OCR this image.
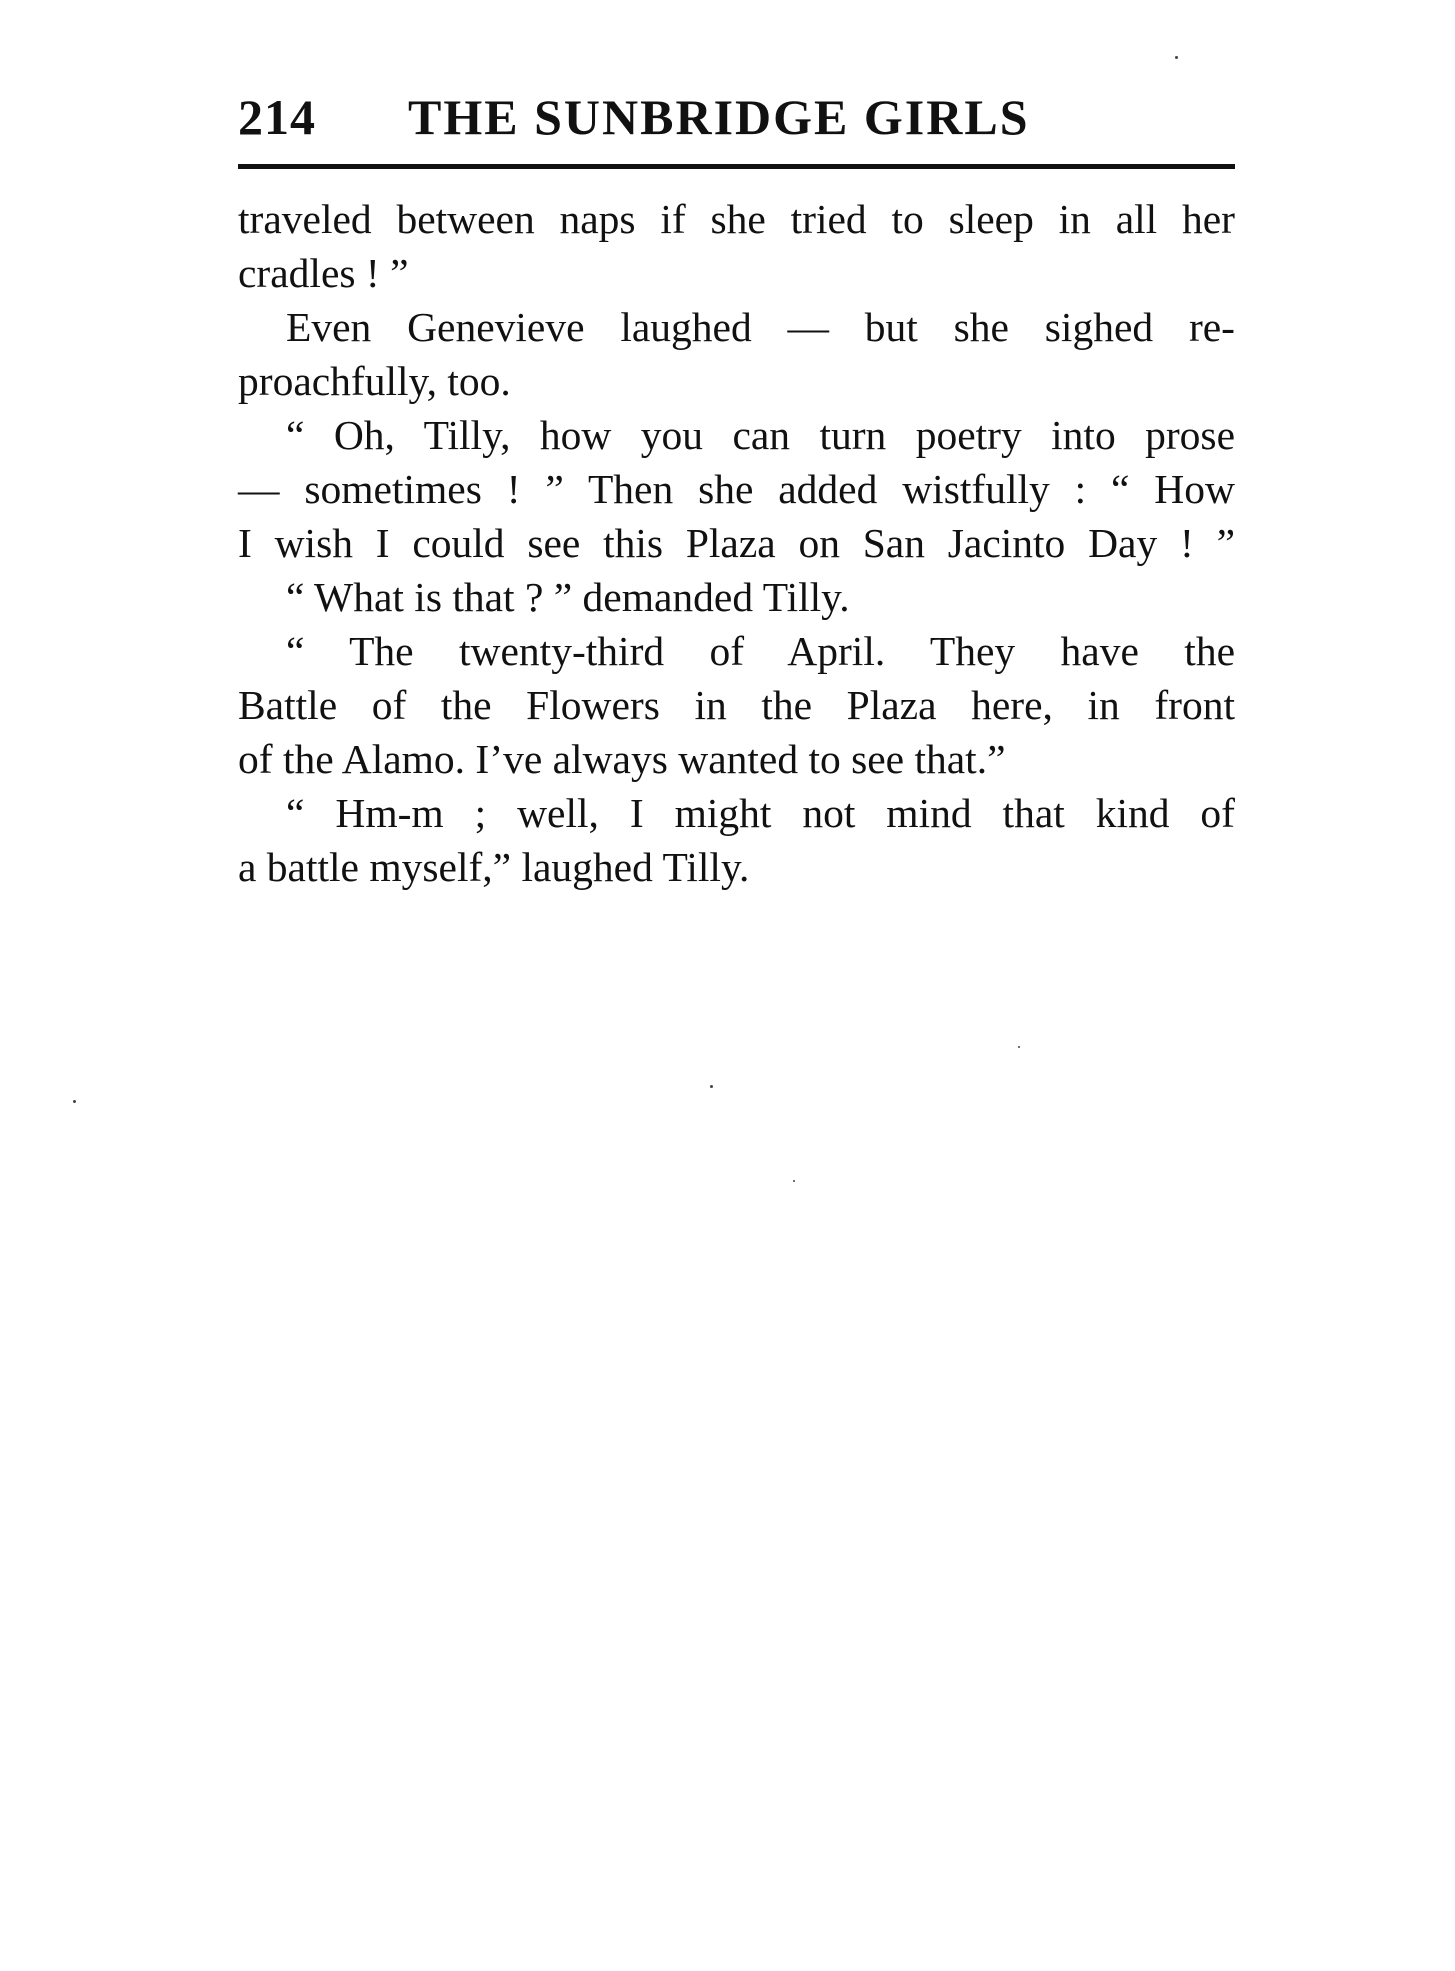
214 THE SUNBRIDGE GIRLS
traveled between naps if she tried to sleep in all her
cradles ! ”
Even Genevieve laughed — but she sighed re-
proachfully, too.
“ Oh, Tilly, how you can turn poetry into prose
— sometimes ! ” Then she added wistfully : “ How
I wish I could see this Plaza on San Jacinto Day ! ”
“ What is that ? ” demanded Tilly.
“ The twenty-third of April. They have the
Battle of the Flowers in the Plaza here, in front
of the Alamo. I’ve always wanted to see that.”
“ Hm-m ; well, I might not mind that kind of
a battle myself,” laughed Tilly.
